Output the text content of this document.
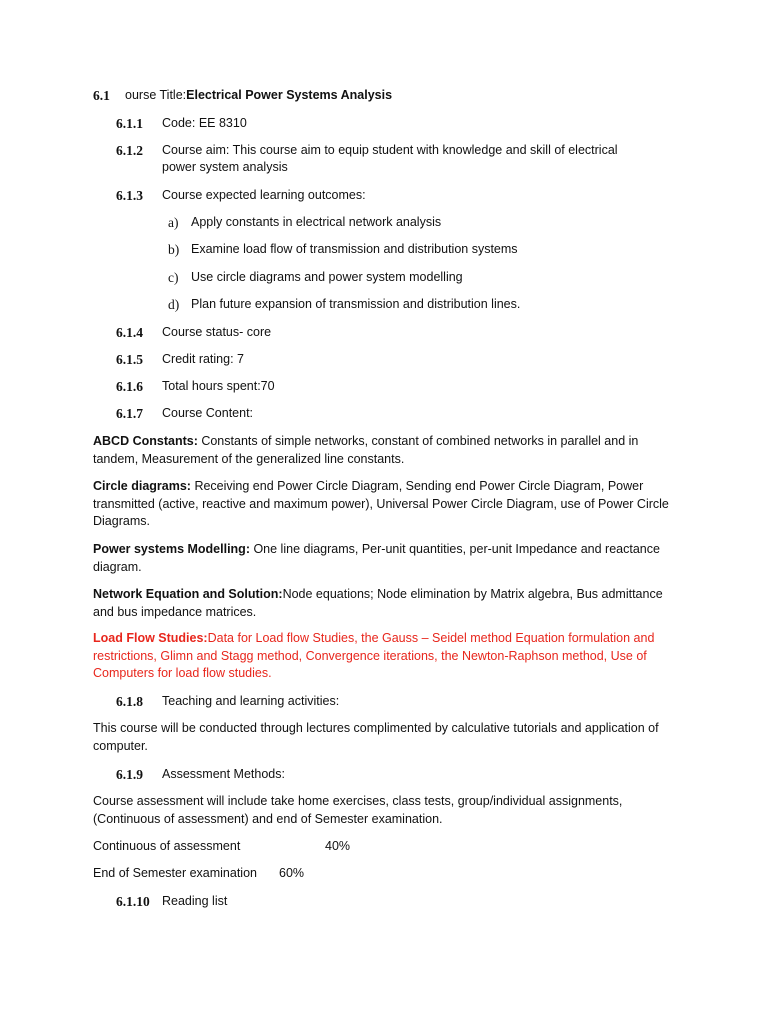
6.1 ourse Title:Electrical Power Systems Analysis
6.1.1 Code: EE 8310
6.1.2 Course aim: This course aim to equip student with knowledge and skill of electrical
power system analysis
6.1.3 Course expected learning outcomes:
a) Apply constants in electrical network analysis
b) Examine load flow of transmission and distribution systems
c) Use circle diagrams and power system modelling
d) Plan future expansion of transmission and distribution lines.
6.1.4 Course status- core
6.1.5 Credit rating: 7
6.1.6 Total hours spent:70
6.1.7 Course Content:
ABCD Constants: Constants of simple networks, constant of combined networks in parallel and in tandem, Measurement of the generalized line constants.
Circle diagrams: Receiving end Power Circle Diagram, Sending end Power Circle Diagram, Power transmitted (active, reactive and maximum power), Universal Power Circle Diagram, use of Power Circle Diagrams.
Power systems Modelling: One line diagrams, Per-unit quantities, per-unit Impedance and reactance diagram.
Network Equation and Solution:Node equations; Node elimination by Matrix algebra, Bus admittance and bus impedance matrices.
Load Flow Studies:Data for Load flow Studies, the Gauss – Seidel method Equation formulation and restrictions, Glimn and Stagg method, Convergence iterations, the Newton-Raphson method, Use of Computers for load flow studies.
6.1.8 Teaching and learning activities:
This course will be conducted through lectures complimented by calculative tutorials and application of computer.
6.1.9 Assessment Methods:
Course assessment will include take home exercises, class tests, group/individual assignments, (Continuous of assessment) and end of Semester examination.
Continuous of assessment	40%
End of Semester examination 60%
6.1.10 Reading list
